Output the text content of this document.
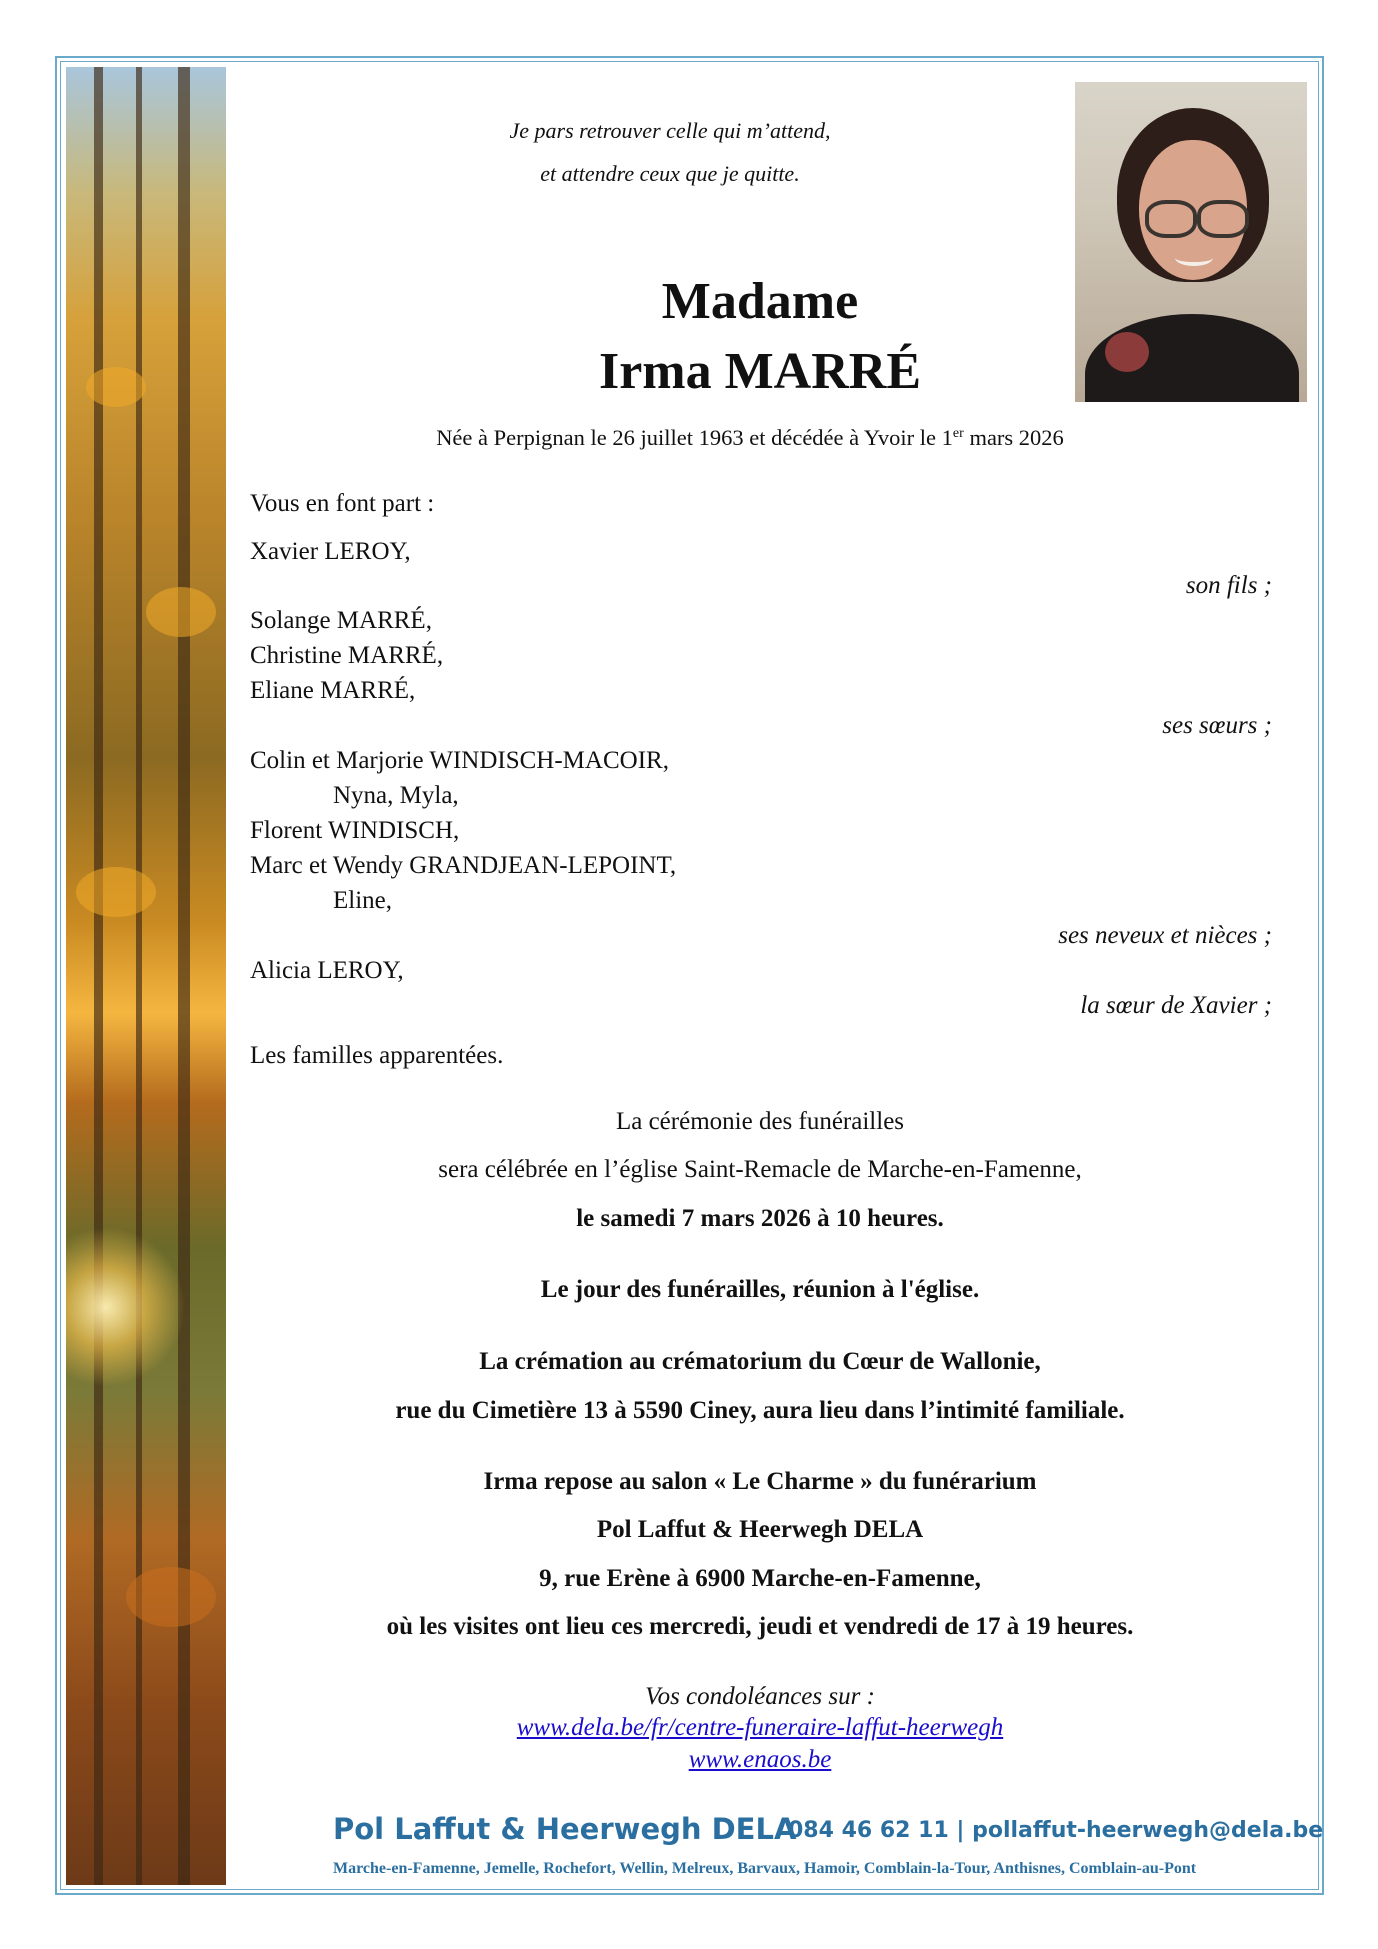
Je pars retrouver celle qui m’attend,
et attendre ceux que je quitte.
Madame
Irma MARRÉ
Née à Perpignan le 26 juillet 1963 et décédée à Yvoir le 1er mars 2026
Vous en font part :
Xavier LEROY,
son fils ;
Solange MARRÉ,
Christine MARRÉ,
Eliane MARRÉ,
ses sœurs ;
Colin et Marjorie WINDISCH-MACOIR,
Nyna, Myla,
Florent WINDISCH,
Marc et Wendy GRANDJEAN-LEPOINT,
Eline,
ses neveux et nièces ;
Alicia LEROY,
la sœur de Xavier ;
Les familles apparentées.
La cérémonie des funérailles
sera célébrée en l’église Saint-Remacle de Marche-en-Famenne,
le samedi 7 mars 2026 à 10 heures.
Le jour des funérailles, réunion à l'église.
La crémation au crématorium du Cœur de Wallonie,
rue du Cimetière 13 à 5590 Ciney, aura lieu dans l’intimité familiale.
Irma repose au salon « Le Charme » du funérarium
Pol Laffut & Heerwegh DELA
9, rue Erène à 6900 Marche-en-Famenne,
où les visites ont lieu ces mercredi, jeudi et vendredi de 17 à 19 heures.
Vos condoléances sur :
www.dela.be/fr/centre-funeraire-laffut-heerwegh
www.enaos.be
Pol Laffut & Heerwegh DELA
084 46 62 11 | pollaffut-heerwegh@dela.be
Marche-en-Famenne, Jemelle, Rochefort, Wellin, Melreux, Barvaux, Hamoir, Comblain-la-Tour, Anthisnes, Comblain-au-Pont
